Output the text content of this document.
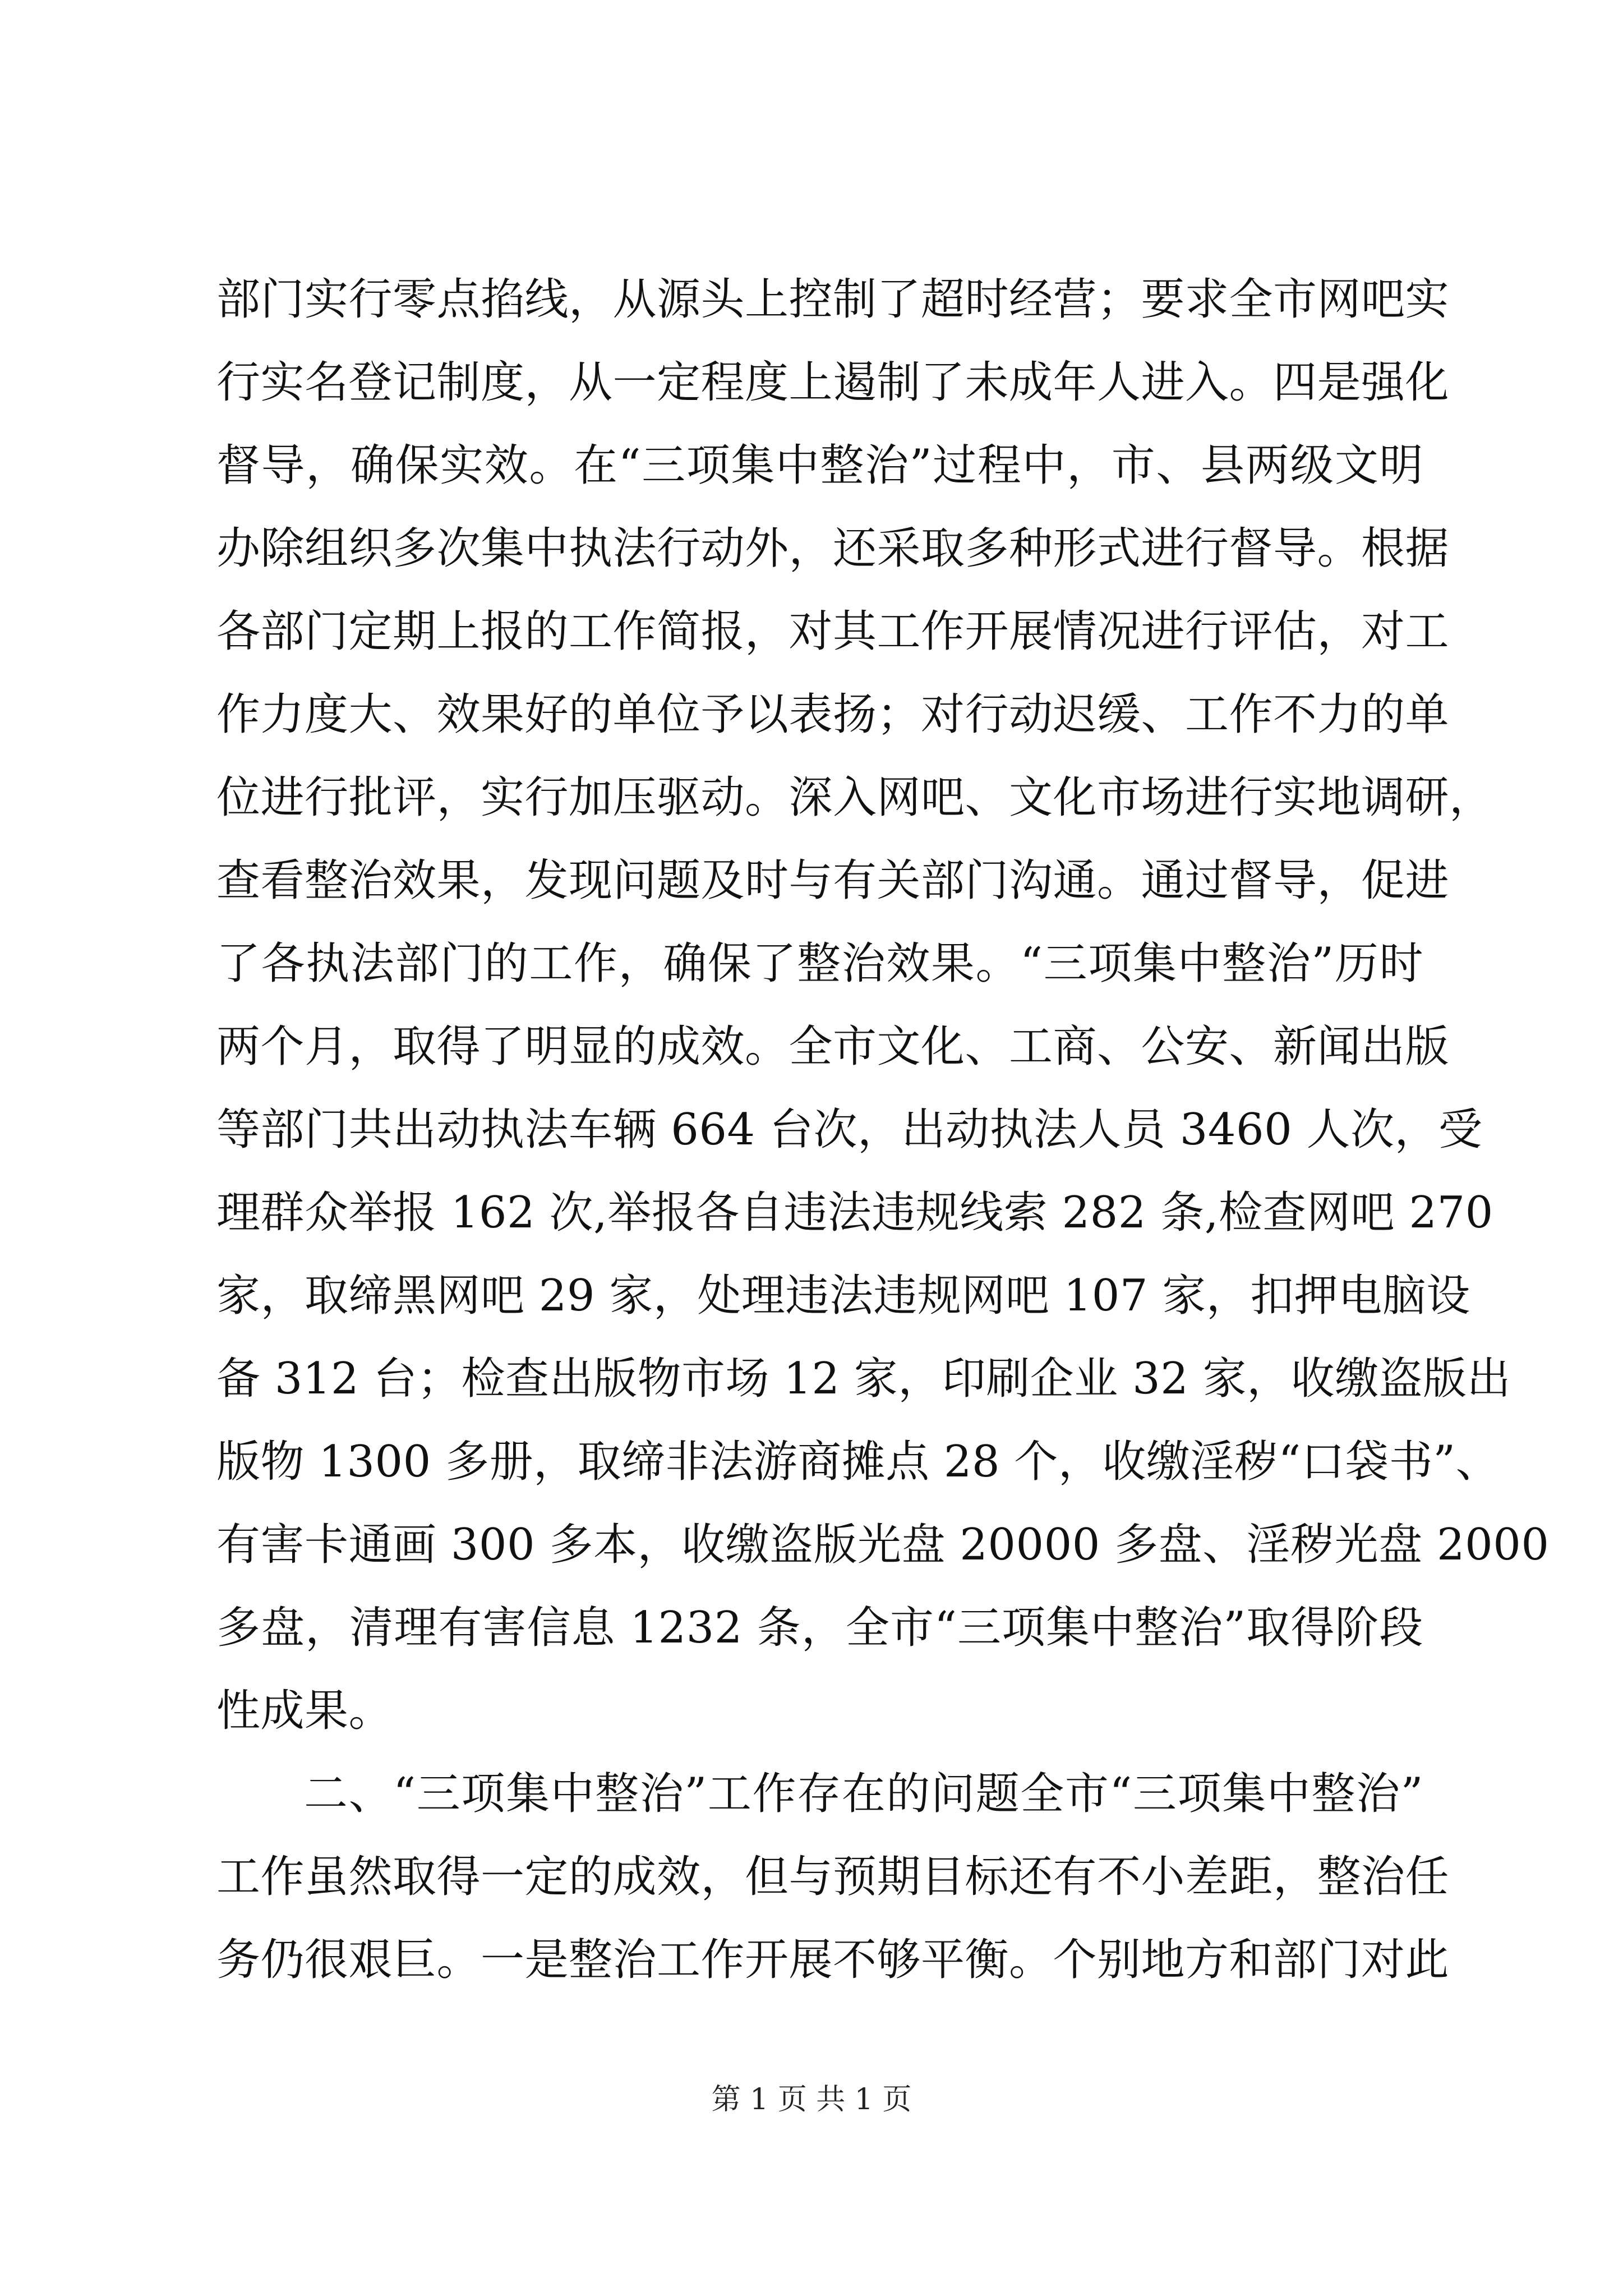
部门实行零点掐线，从源头上控制了超时经营；要求全市网吧实
行实名登记制度，从一定程度上遏制了未成年人进入。四是强化
督导，确保实效。在“三项集中整治”过程中，市、县两级文明
办除组织多次集中执法行动外，还采取多种形式进行督导。根据
各部门定期上报的工作简报，对其工作开展情况进行评估，对工
作力度大、效果好的单位予以表扬；对行动迟缓、工作不力的单
位进行批评，实行加压驱动。深入网吧、文化市场进行实地调研，
查看整治效果，发现问题及时与有关部门沟通。通过督导，促进
了各执法部门的工作，确保了整治效果。“三项集中整治”历时
两个月，取得了明显的成效。全市文化、工商、公安、新闻出版
等部门共出动执法车辆 664 台次，出动执法人员 3460 人次，受
理群众举报 162 次,举报各自违法违规线索 282 条,检查网吧 270
家，取缔黑网吧 29 家，处理违法违规网吧 107 家，扣押电脑设
备 312 台；检查出版物市场 12 家，印刷企业 32 家，收缴盗版出
版物 1300 多册，取缔非法游商摊点 28 个，收缴淫秽“口袋书”、
有害卡通画 300 多本，收缴盗版光盘 20000 多盘、淫秽光盘 2000
多盘，清理有害信息 1232 条，全市“三项集中整治”取得阶段
性成果。
二、“三项集中整治”工作存在的问题全市“三项集中整治”
工作虽然取得一定的成效，但与预期目标还有不小差距，整治任
务仍很艰巨。一是整治工作开展不够平衡。个别地方和部门对此
第 1 页 共 1 页
